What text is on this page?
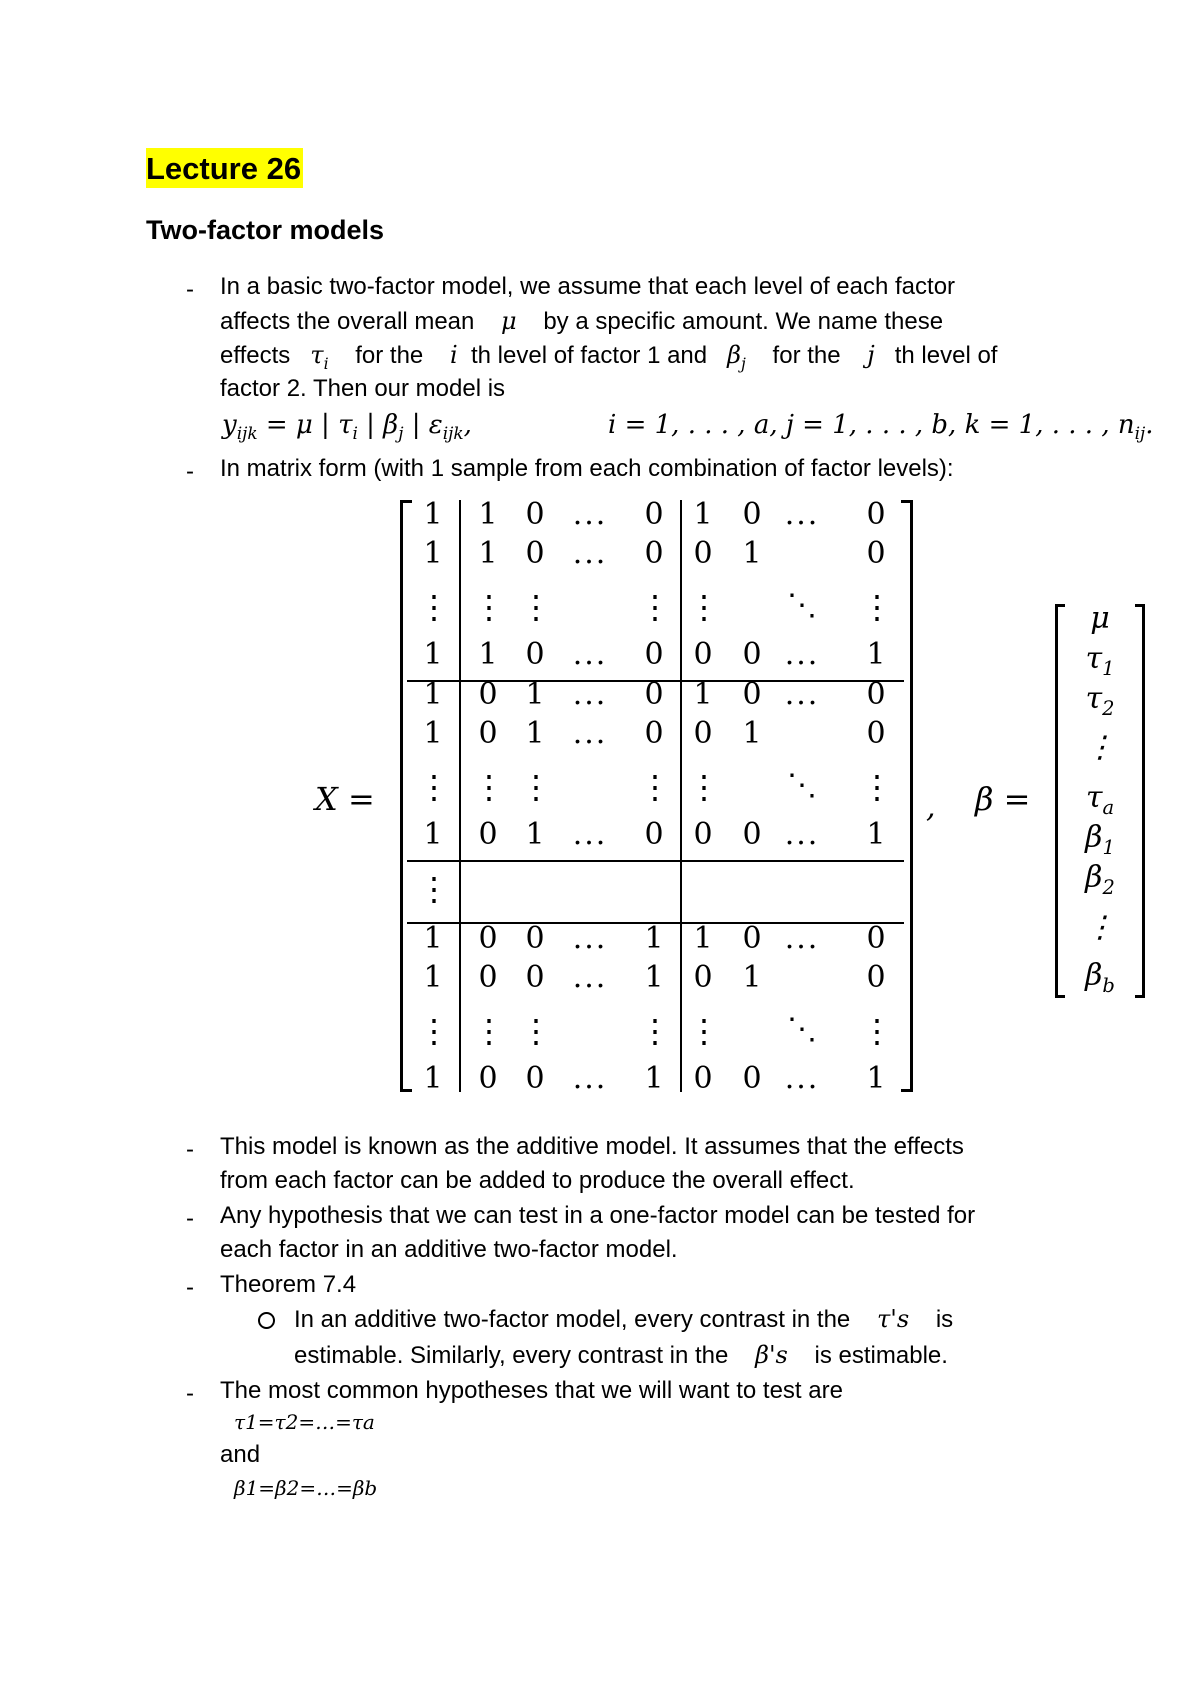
Lecture 26
Two-factor models
- In a basic two-factor model, we assume that each level of each factor
affects the overall mean μ by a specific amount. We name these
effects $\tau_i$ for the i th level of factor 1 and $\beta_j$ for the j th level of
factor 2. Then our model is
$y_{ijk} = \mu$ | $\tau_i$ | $\beta_j$ | $\varepsilon_{ijk}$,	i = 1, . . . , a, j = 1, . . . , b, k = 1, . . . , $n_{ij}$.
- In matrix form (with 1 sample from each combination of factor levels):
X =
1 1 0 ... 0 1 0 ... 0
1 1 0 ... 0 0 1	0
⋮ ⋮ ⋮	⋮ ⋮ ⋱ ⋮
1 1 0 ... 0 0 0 ... 1
1 0 1 ... 0 1 0 ... 0
1 0 1 ... 0 0 1	0
⋮ ⋮ ⋮	⋮ ⋮ ⋱ ⋮
1 0 1 ... 0 0 0 ... 1
⋮
1 0 0 ... 1 1 0 ... 0
1 0 0 ... 1 0 1	0
⋮ ⋮ ⋮	⋮ ⋮ ⋱ ⋮
1 0 0 ... 1 0 0 ... 1
, β =
μ
$\tau_1$
$\tau_2$
⋮
$\tau_a$
$\beta_1$
$\beta_2$
⋮
$\beta_b$
- This model is known as the additive model. It assumes that the effects
from each factor can be added to produce the overall effect.
- Any hypothesis that we can test in a one-factor model can be tested for
each factor in an additive two-factor model.
- Theorem 7.4
In an additive two-factor model, every contrast in the τ's is
estimable. Similarly, every contrast in the β's is estimable.
- The most common hypotheses that we will want to test are
τ1=τ2=…=τa
and
β1=β2=…=βb
